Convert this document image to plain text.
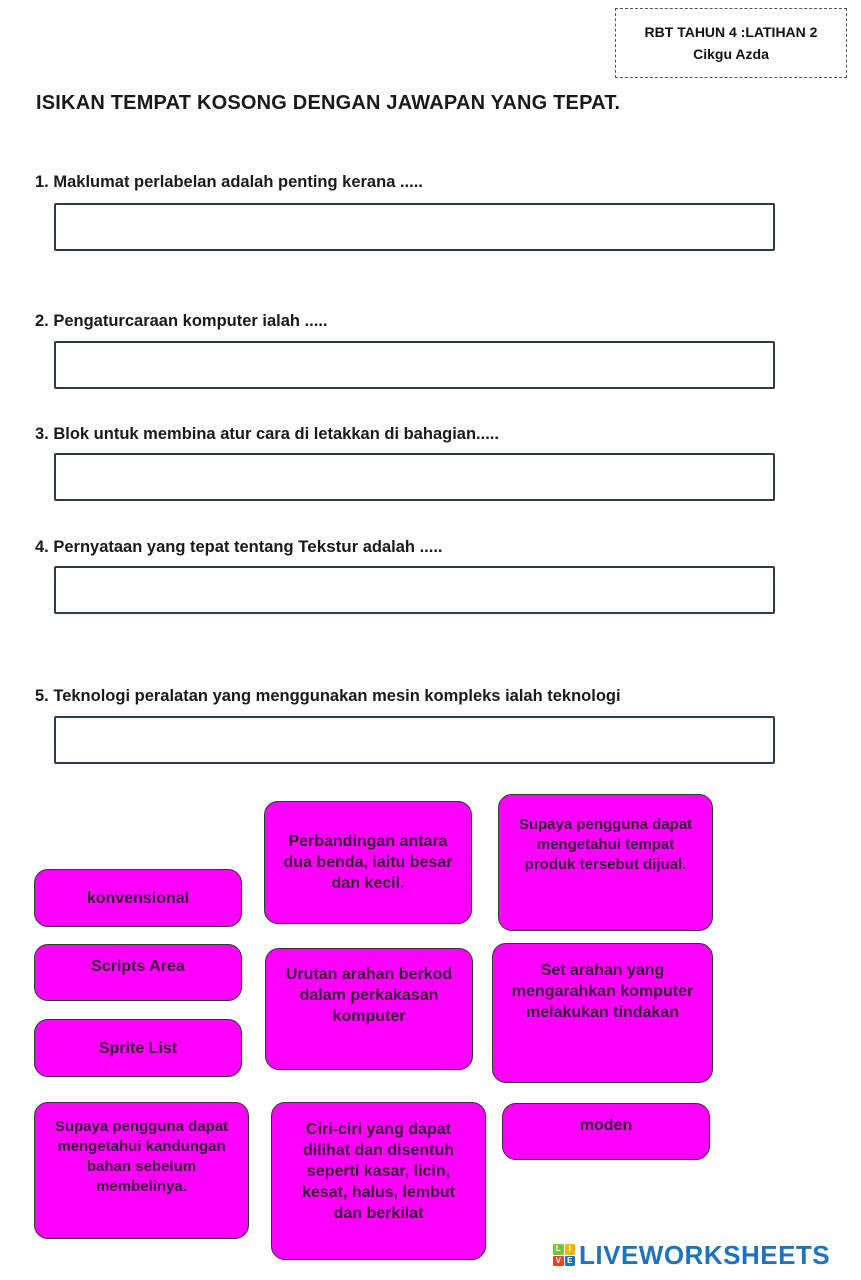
RBT TAHUN 4 :LATIHAN 2
Cikgu Azda
ISIKAN TEMPAT KOSONG DENGAN JAWAPAN YANG TEPAT.
1. Maklumat perlabelan adalah penting kerana .....
2. Pengaturcaraan komputer ialah .....
3. Blok untuk membina atur cara di letakkan di bahagian.....
4. Pernyataan yang tepat tentang Tekstur adalah .....
5. Teknologi peralatan yang menggunakan mesin kompleks ialah teknologi
konvensional
Perbandingan antara dua benda, iaitu besar dan kecil.
Supaya pengguna dapat mengetahui tempat produk tersebut dijual.
Scripts Area	Urutan arahan berkod dalam perkakasan komputer
Set arahan yang mengarahkan komputer melakukan tindakan
Sprite List
Supaya pengguna dapat mengetahui kandungan bahan sebelum membelinya.
Ciri-ciri yang dapat dilihat dan disentuh seperti kasar, licin, kesat, halus, lembut dan berkilat
moden
L I
V E LIVEWORKSHEETS
